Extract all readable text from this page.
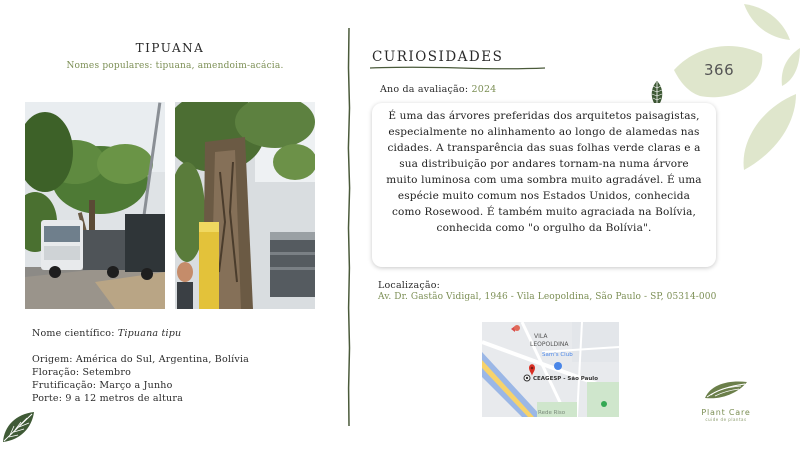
TIPUANA
Nomes populares: tipuana, amendoim-acácia.
Nome científico: Tipuana tipu
Origem: América do Sul, Argentina, Bolívia
Floração: Setembro
Frutificação: Março a Junho
Porte: 9 a 12 metros de altura
CURIOSIDADES
Ano da avaliação: 2024
É uma das árvores preferidas dos arquitetos paisagistas, especialmente no alinhamento ao longo de alamedas nas cidades. A transparência das suas folhas verde claras e a sua distribuição por andares tornam-na numa árvore muito luminosa com uma sombra muito agradável. É uma espécie muito comum nos Estados Unidos, conhecida como Rosewood. É também muito agraciada na Bolívia, conhecida como "o orgulho da Bolívia".
Localização:
Av. Dr. Gastão Vidigal, 1946 - Vila Leopoldina, São Paulo - SP, 05314-000
VILA
LEOPOLDINA
Sam's Club
CEAGESP - São Paulo
Rede Riso
366
Plant Care
cuide de plantas
